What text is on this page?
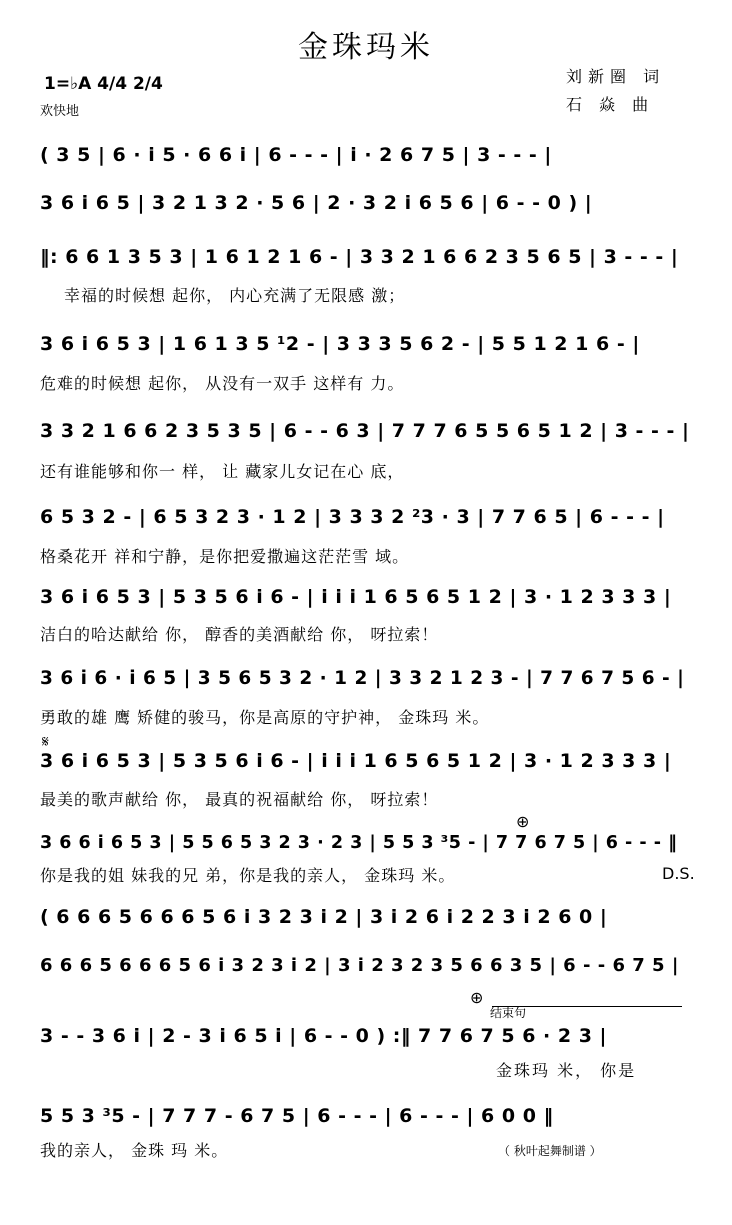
金珠玛米
1=♭A 4/4 2/4
欢快地
刘新圈 词
石 焱 曲
( 3 5 | 6 · i 5 · 6 6 i | 6 - - - | i · 2 6 7 5 | 3 - - - |
3 6 i 6 5 | 3 2 1 3 2 · 5 6 | 2 · 3 2 i 6 5 6 | 6 - - 0 ) |
‖: 6 6 1 3 5 3 | 1 6 1 2 1 6 - | 3 3 2 1 6 6 2 3 5 6 5 | 3 - - - |
幸福的时候想 起你， 内心充满了无限感 激；
3 6 i 6 5 3 | 1 6 1 3 5 ¹2 - | 3 3 3 5 6 2 - | 5 5 1 2 1 6 - |
危难的时候想 起你， 从没有一双手 这样有 力。
3 3 2 1 6 6 2 3 5 3 5 | 6 - - 6 3 | 7 7 7 6 5 5 6 5 1 2 | 3 - - - |
还有谁能够和你一 样， 让 藏家儿女记在心 底，
6 5 3 2 - | 6 5 3 2 3 · 1 2 | 3 3 3 2 ²3 · 3 | 7 7 6 5 | 6 - - - |
格桑花开 祥和宁静，是你把爱撒遍这茫茫雪 域。
3 6 i 6 5 3 | 5 3 5 6 i 6 - | i i i 1 6 5 6 5 1 2 | 3 · 1 2 3 3 3 |
洁白的哈达献给 你， 醇香的美酒献给 你， 呀拉索！
3 6 i 6 · i 6 5 | 3 5 6 5 3 2 · 1 2 | 3 3 2 1 2 3 - | 7 7 6 7 5 6 - |
勇敢的雄 鹰 矫健的骏马，你是高原的守护神， 金珠玛 米。
𝄋
3 6 i 6 5 3 | 5 3 5 6 i 6 - | i i i 1 6 5 6 5 1 2 | 3 · 1 2 3 3 3 |
最美的歌声献给 你， 最真的祝福献给 你， 呀拉索！
⊕
3 6 6 i 6 5 3 | 5 5 6 5 3 2 3 · 2 3 | 5 5 3 ³5 - | 7 7 6 7 5 | 6 - - - ‖
你是我的姐 妹我的兄 弟，你是我的亲人， 金珠玛 米。	D.S.
( 6 6 6 5 6 6 6 5 6 i 3 2 3 i 2 | 3 i 2 6 i 2 2 3 i 2 6 0 |
6 6 6 5 6 6 6 5 6 i 3 2 3 i 2 | 3 i 2 3 2 3 5 6 6 3 5 | 6 - - 6 7 5 |
⊕
结束句
3 - - 3 6 i | 2 - 3 i 6 5 i | 6 - - 0 ) :‖ 7 7 6 7 5 6 · 2 3 |
金珠玛 米， 你是
5 5 3 ³5 - | 7 7 7 - 6 7 5 | 6 - - - | 6 - - - | 6 0 0 ‖
我的亲人， 金珠 玛 米。	（ 秋叶起舞制谱 ）
